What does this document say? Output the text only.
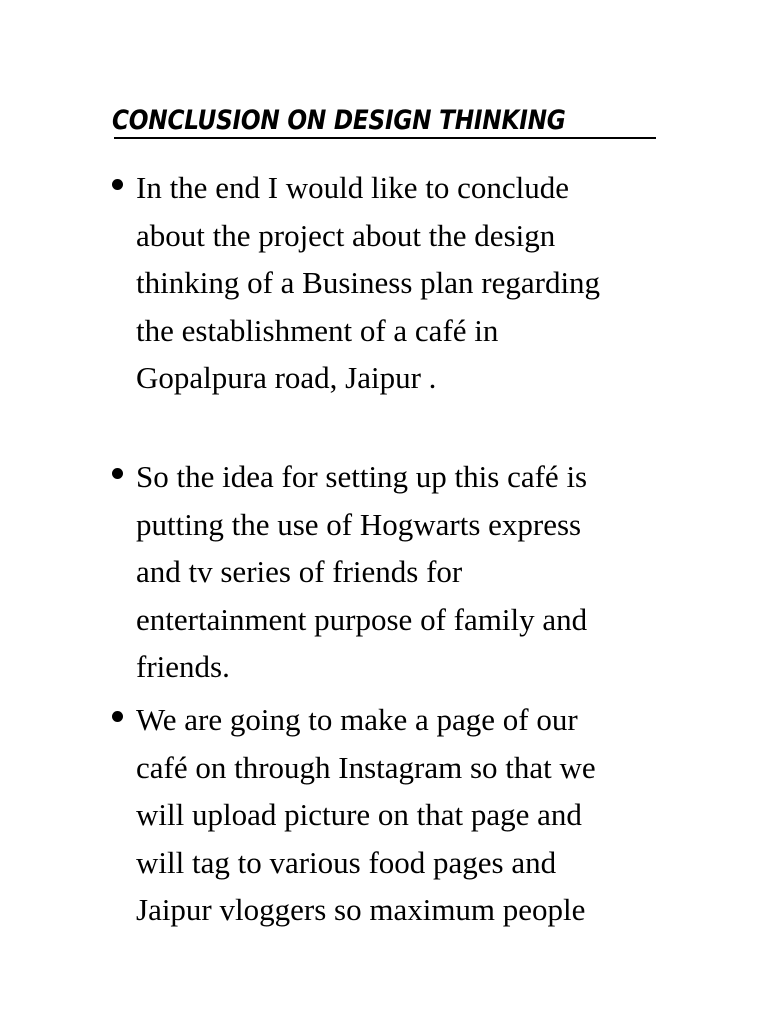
CONCLUSION ON DESIGN THINKING
In the end I would like to conclude
about the project about the design
thinking of a Business plan regarding
the establishment of a café in
Gopalpura road, Jaipur .
So the idea for setting up this café is
putting the use of Hogwarts express
and tv series of friends for
entertainment purpose of family and
friends.
We are going to make a page of our
café on through Instagram so that we
will upload picture on that page and
will tag to various food pages and
Jaipur vloggers so maximum people
